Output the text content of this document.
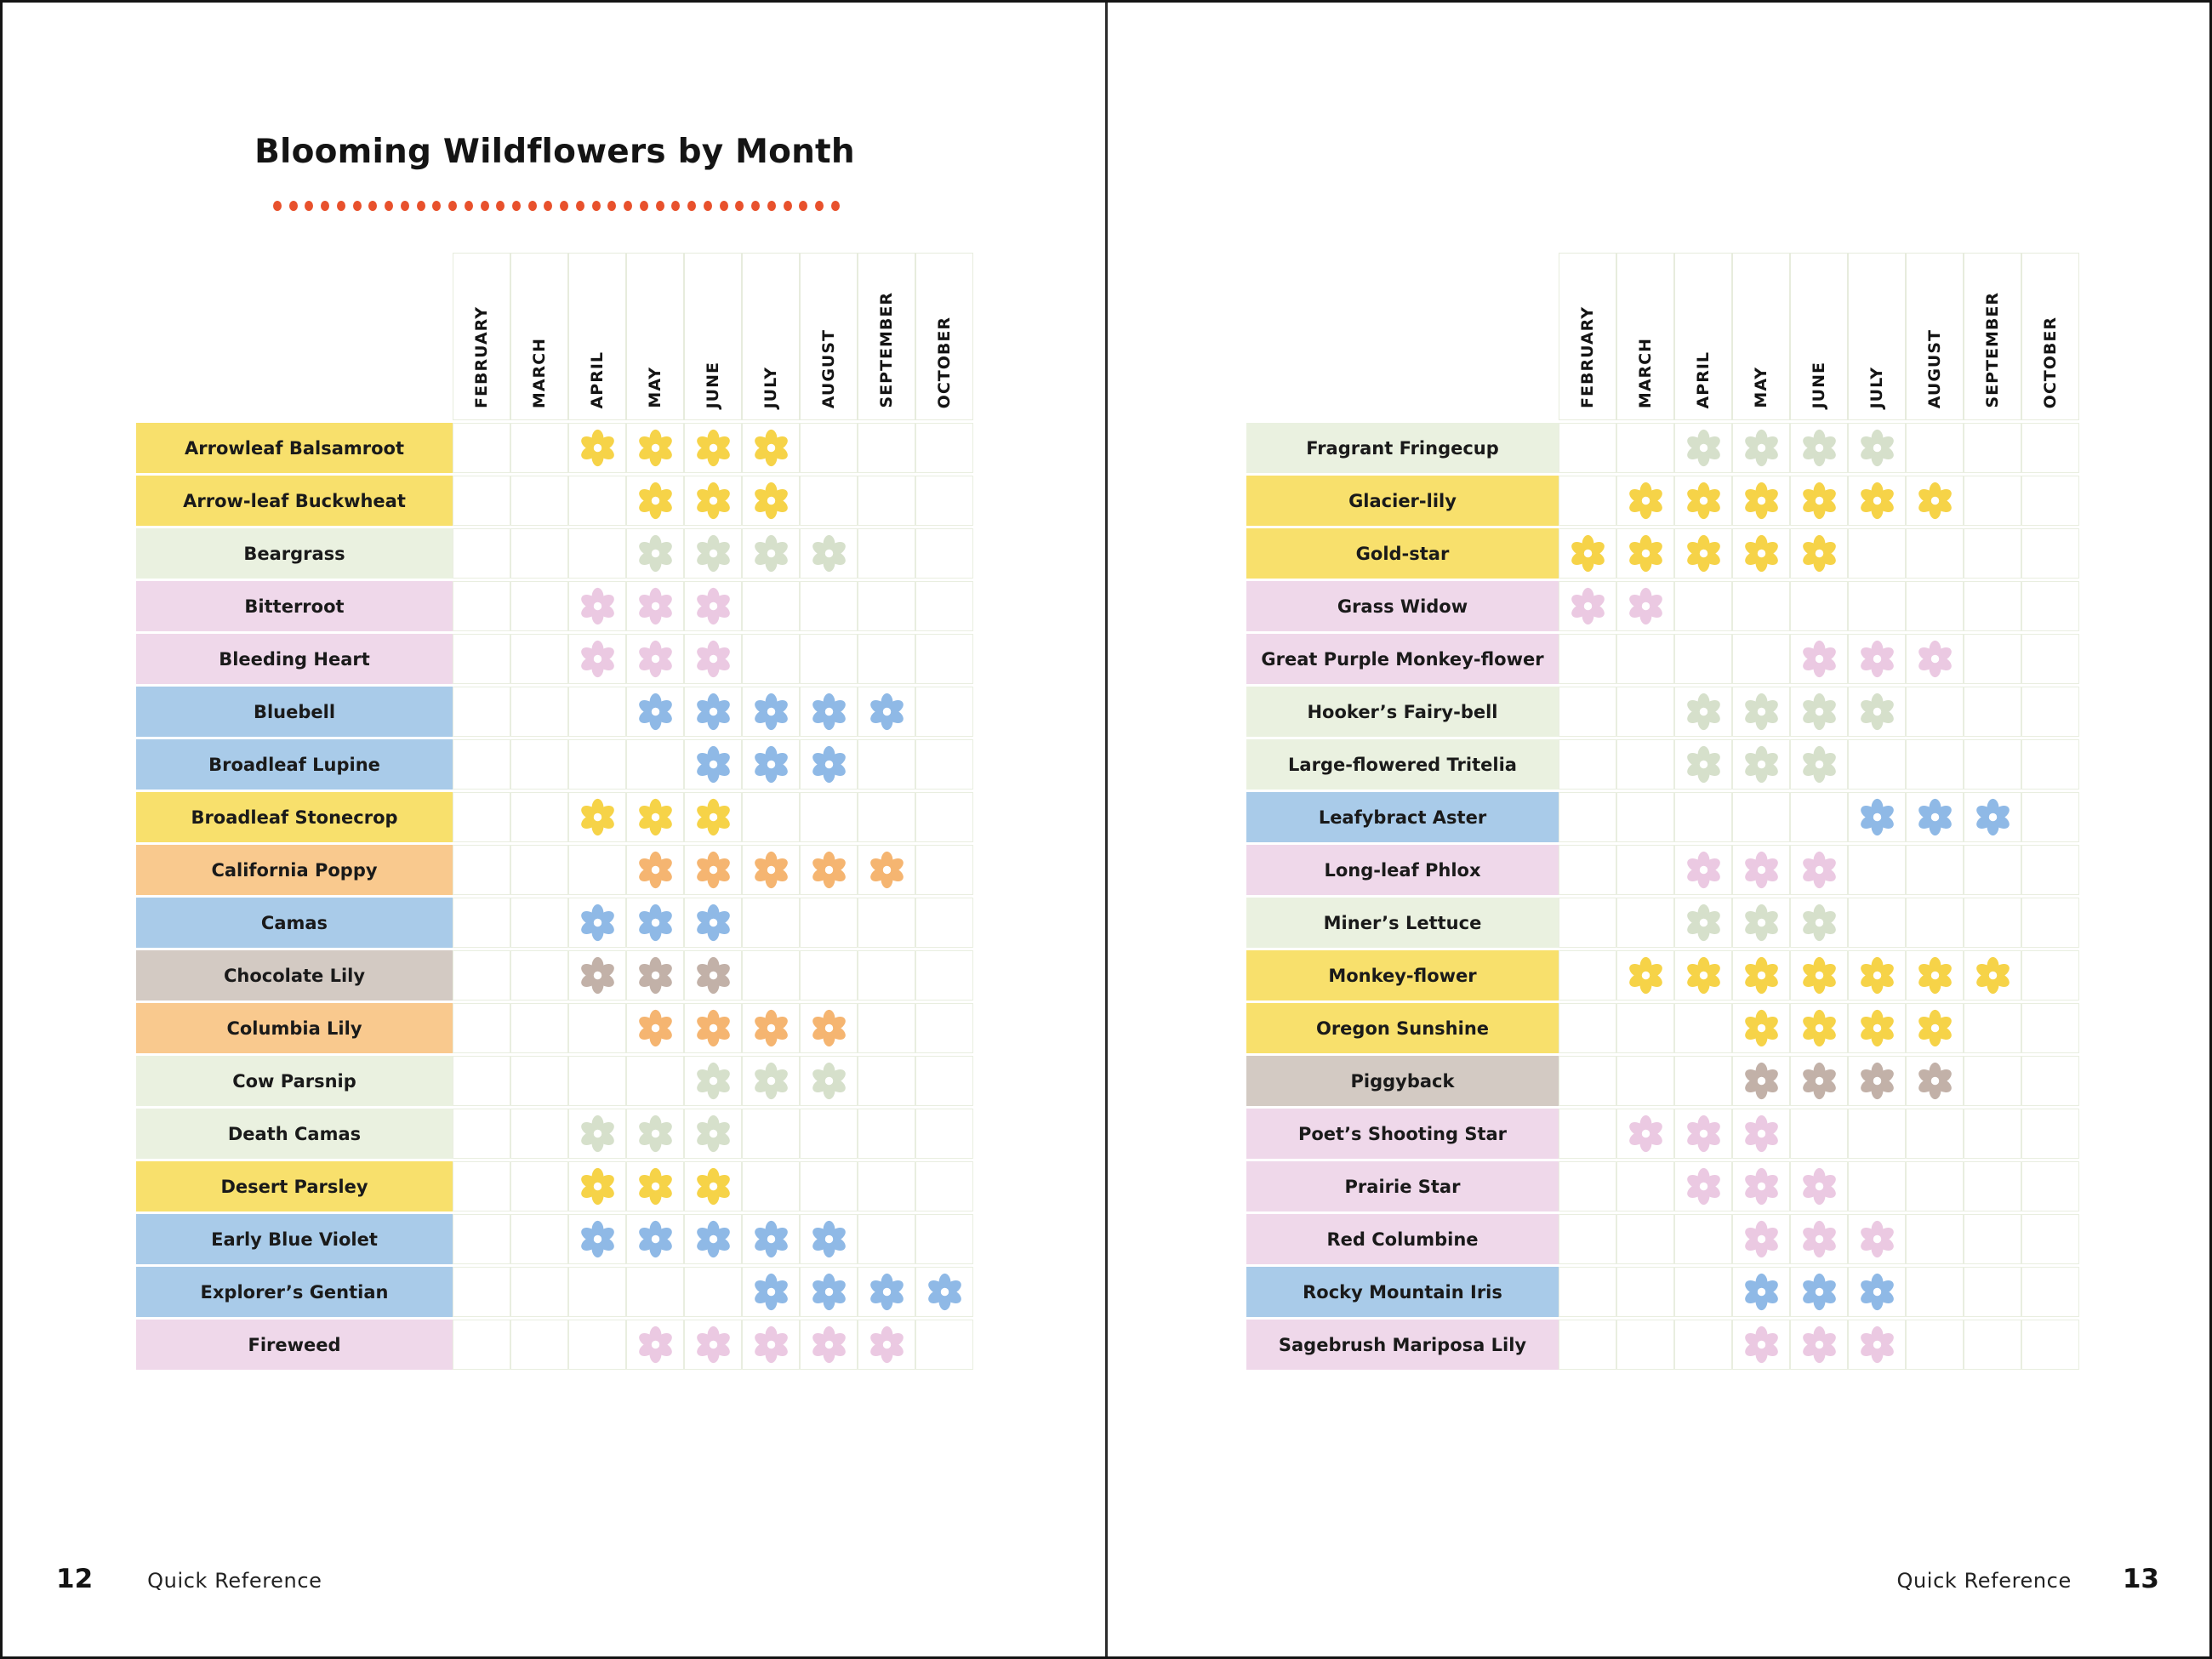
Blooming Wildflowers by Month
FEBRUARY MARCH APRIL MAY JUNE JULY AUGUST SEPTEMBER OCTOBER
Arrowleaf Balsamroot
Arrow-leaf Buckwheat
Beargrass
Bitterroot
Bleeding Heart
Bluebell
Broadleaf Lupine
Broadleaf Stonecrop
California Poppy
Camas
Chocolate Lily
Columbia Lily
Cow Parsnip
Death Camas
Desert Parsley
Early Blue Violet
Explorer’s Gentian
Fireweed
12	Quick Reference
FEBRUARY MARCH APRIL MAY JUNE JULY AUGUST SEPTEMBER OCTOBER
Fragrant Fringecup
Glacier-lily
Gold-star
Grass Widow
Great Purple Monkey-flower
Hooker’s Fairy-bell
Large-flowered Tritelia
Leafybract Aster
Long-leaf Phlox
Miner’s Lettuce
Monkey-flower
Oregon Sunshine
Piggyback
Poet’s Shooting Star
Prairie Star
Red Columbine
Rocky Mountain Iris
Sagebrush Mariposa Lily
Quick Reference 13
